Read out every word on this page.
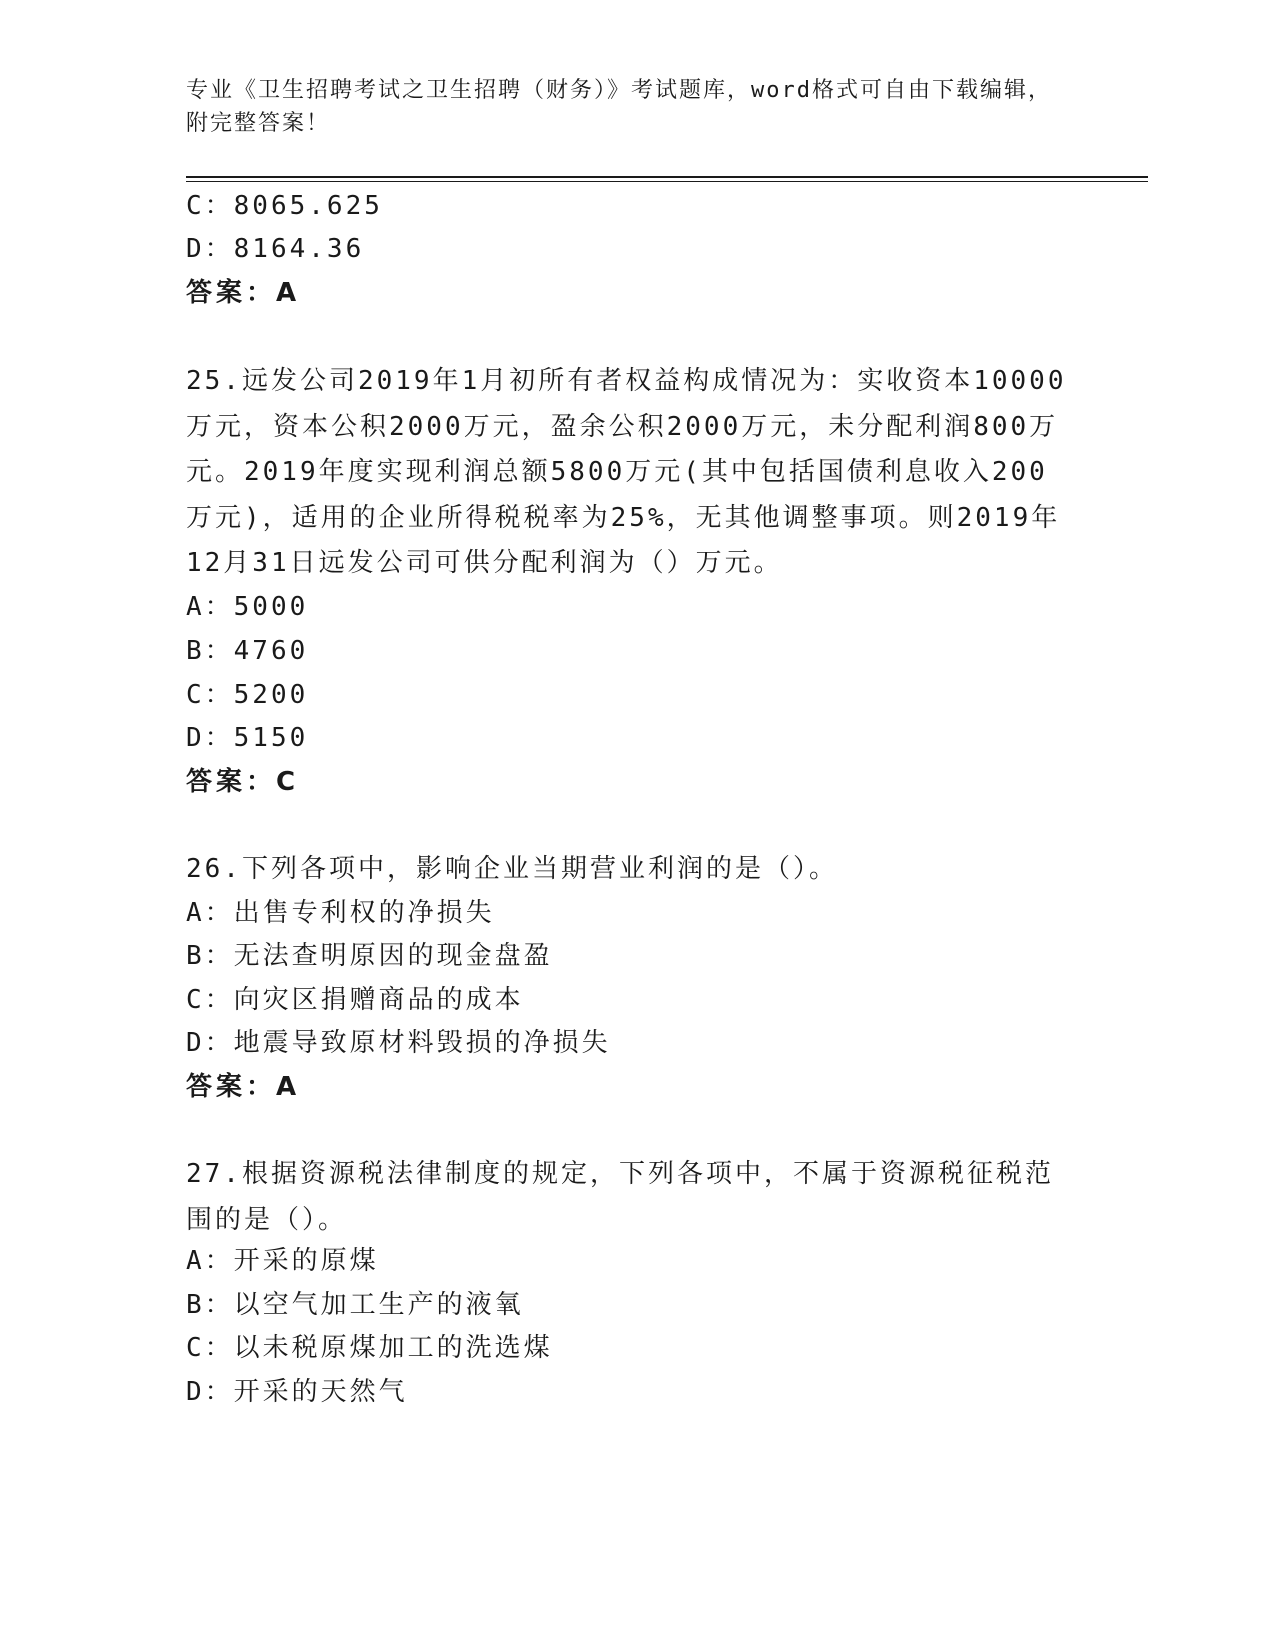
专业《卫生招聘考试之卫生招聘（财务）》考试题库，word格式可自由下载编辑，附完整答案！
C：8065.625
D：8164.36
答案：A
25.远发公司2019年1月初所有者权益构成情况为：实收资本10000万元，资本公积2000万元，盈余公积2000万元，未分配利润800万元。2019年度实现利润总额5800万元(其中包括国债利息收入200万元)，适用的企业所得税税率为25%，无其他调整事项。则2019年12月31日远发公司可供分配利润为（）万元。
A：5000
B：4760
C：5200
D：5150
答案：C
26.下列各项中，影响企业当期营业利润的是（）。
A：出售专利权的净损失
B：无法查明原因的现金盘盈
C：向灾区捐赠商品的成本
D：地震导致原材料毁损的净损失
答案：A
27.根据资源税法律制度的规定，下列各项中，不属于资源税征税范围的是（）。
A：开采的原煤
B：以空气加工生产的液氧
C：以未税原煤加工的洗选煤
D：开采的天然气
